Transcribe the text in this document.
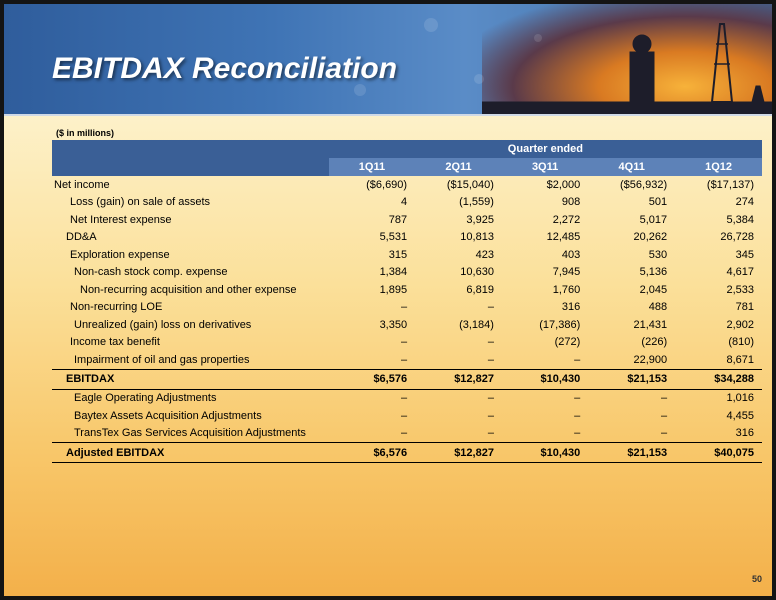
EBITDAX Reconciliation
($ in millions)
	Quarter ended				
	1Q11	2Q11	3Q11	4Q11	1Q12
Net income	($6,690)	($15,040)	$2,000	($56,932)	($17,137)
Loss (gain) on sale of assets	4	(1,559)	908	501	274
Net Interest expense	787	3,925	2,272	5,017	5,384
DD&A	5,531	10,813	12,485	20,262	26,728
Exploration expense	315	423	403	530	345
Non-cash stock comp. expense	1,384	10,630	7,945	5,136	4,617
Non-recurring acquisition and other expense	1,895	6,819	1,760	2,045	2,533
Non-recurring LOE	–	–	316	488	781
Unrealized (gain) loss on derivatives	3,350	(3,184)	(17,386)	21,431	2,902
Income tax benefit	–	–	(272)	(226)	(810)
Impairment of oil and gas properties	–	–	–	22,900	8,671
EBITDAX	$6,576	$12,827	$10,430	$21,153	$34,288
Eagle Operating Adjustments	–	–	–	–	1,016
Baytex Assets Acquisition Adjustments	–	–	–	–	4,455
TransTex Gas Services Acquisition Adjustments	–	–	–	–	316
Adjusted EBITDAX	$6,576	$12,827	$10,430	$21,153	$40,075
50
